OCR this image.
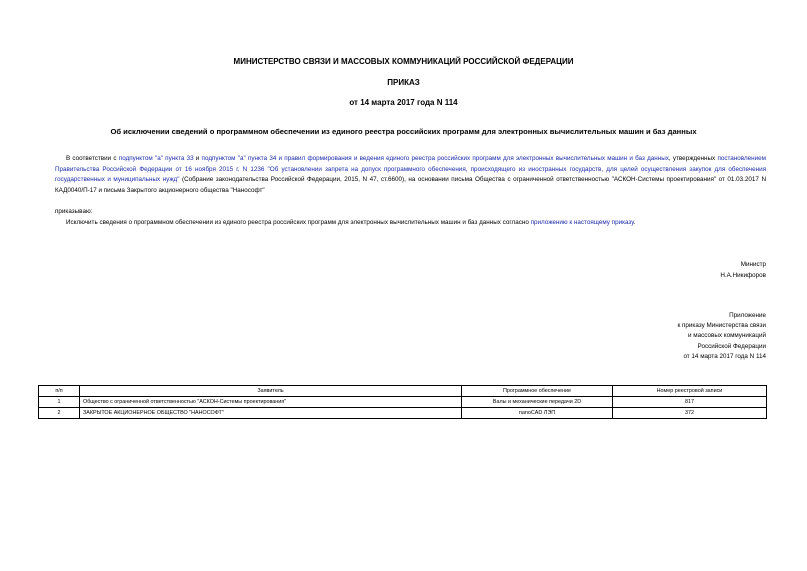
МИНИСТЕРСТВО СВЯЗИ И МАССОВЫХ КОММУНИКАЦИЙ РОССИЙСКОЙ ФЕДЕРАЦИИ
ПРИКАЗ
от 14 марта 2017 года N 114
Об исключении сведений о программном обеспечении из единого реестра российских программ для электронных вычислительных машин и баз данных
В соответствии с подпунктом "а" пункта 33 и подпунктом "а" пункта 34 и правил формирования и ведения единого реестра российских программ для электронных вычислительных машин и баз данных, утвержденных постановлением Правительства Российской Федерации от 16 ноября 2015 г. N 1236 "Об установлении запрета на допуск программного обеспечения, происходящего из иностранных государств, для целей осуществления закупок для обеспечения государственных и муниципальных нужд" (Собрание законодательства Российской Федерации, 2015, N 47, ст.6600), на основании письма Общества с ограниченной ответственностью "АСКОН-Системы проектирования" от 01.03.2017 N КАД0040/П-17 и письма Закрытого акционерного общества "Нанософт"
приказываю:
Исключить сведения о программном обеспечении из единого реестра российских программ для электронных вычислительных машин и баз данных согласно приложению к настоящему приказу.
Министр
Н.А.Никифоров
Приложение
к приказу Министерства связи
и массовых коммуникаций
Российской Федерации
от 14 марта 2017 года N 114
п/п	Заявитель	Программное обеспечение	Номер реестровой записи
1	Общество с ограниченной ответственностью "АСКОН-Системы проектирования"	Валы и механические передачи 2D	817
2	ЗАКРЫТОЕ АКЦИОНЕРНОЕ ОБЩЕСТВО "НАНОСОФТ"	nanoCAD ЛЭП	372
